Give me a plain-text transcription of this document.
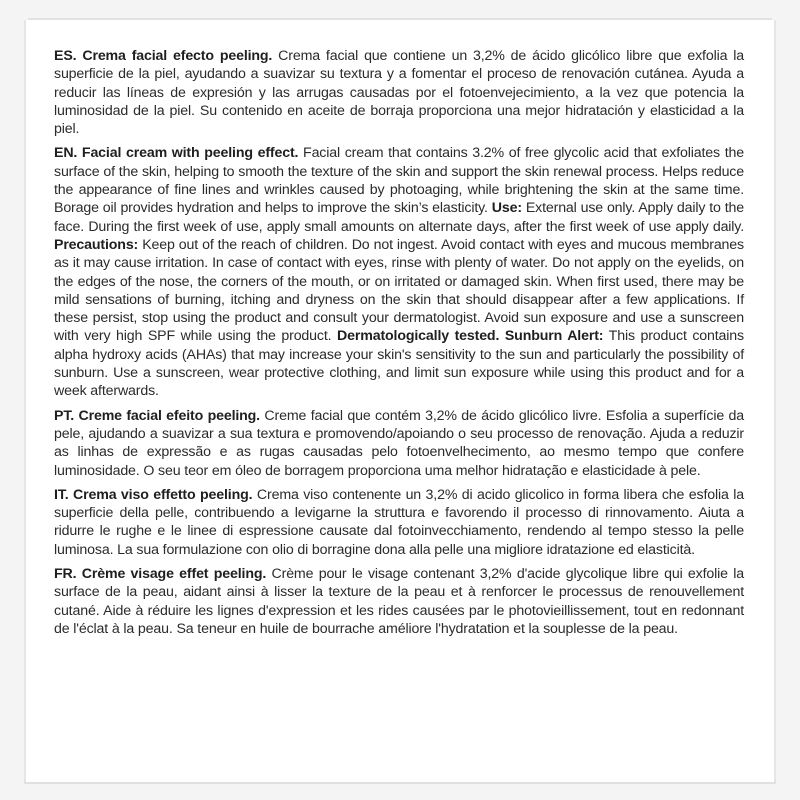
ES. Crema facial efecto peeling. Crema facial que contiene un 3,2% de ácido glicólico libre que exfolia la superficie de la piel, ayudando a suavizar su textura y a fomentar el proceso de renovación cutánea. Ayuda a reducir las líneas de expresión y las arrugas causadas por el fotoenvejecimiento, a la vez que potencia la luminosidad de la piel. Su contenido en aceite de borraja proporciona una mejor hidratación y elasticidad a la piel.

EN. Facial cream with peeling effect. Facial cream that contains 3.2% of free glycolic acid that exfoliates the surface of the skin, helping to smooth the texture of the skin and support the skin renewal process. Helps reduce the appearance of fine lines and wrinkles caused by photoaging, while brightening the skin at the same time. Borage oil provides hydration and helps to improve the skin’s elasticity. Use: External use only. Apply daily to the face. During the first week of use, apply small amounts on alternate days, after the first week of use apply daily. Precautions: Keep out of the reach of children. Do not ingest. Avoid contact with eyes and mucous membranes as it may cause irritation. In case of contact with eyes, rinse with plenty of water. Do not apply on the eyelids, on the edges of the nose, the corners of the mouth, or on irritated or damaged skin. When first used, there may be mild sensations of burning, itching and dryness on the skin that should disappear after a few applications. If these persist, stop using the product and consult your dermatologist. Avoid sun exposure and use a sunscreen with very high SPF while using the product. Dermatologically tested. Sunburn Alert: This product contains alpha hydroxy acids (AHAs) that may increase your skin's sensitivity to the sun and particularly the possibility of sunburn. Use a sunscreen, wear protective clothing, and limit sun exposure while using this product and for a week afterwards.

PT. Creme facial efeito peeling. Creme facial que contém 3,2% de ácido glicólico livre. Esfolia a superfície da pele, ajudando a suavizar a sua textura e promovendo/apoiando o seu processo de renovação. Ajuda a reduzir as linhas de expressão e as rugas causadas pelo fotoenvelhecimento, ao mesmo tempo que confere luminosidade. O seu teor em óleo de borragem proporciona uma melhor hidratação e elasticidade à pele.

IT. Crema viso effetto peeling. Crema viso contenente un 3,2% di acido glicolico in forma libera che esfolia la superficie della pelle, contribuendo a levigarne la struttura e favorendo il processo di rinnovamento. Aiuta a ridurre le rughe e le linee di espressione causate dal fotoinvecchiamento, rendendo al tempo stesso la pelle luminosa. La sua formulazione con olio di borragine dona alla pelle una migliore idratazione ed elasticità.

FR. Crème visage effet peeling. Crème pour le visage contenant 3,2% d'acide glycolique libre qui exfolie la surface de la peau, aidant ainsi à lisser la texture de la peau et à renforcer le processus de renouvellement cutané. Aide à réduire les lignes d'expression et les rides causées par le photovieillissement, tout en redonnant de l'éclat à la peau. Sa teneur en huile de bourrache améliore l'hydratation et la souplesse de la peau.
